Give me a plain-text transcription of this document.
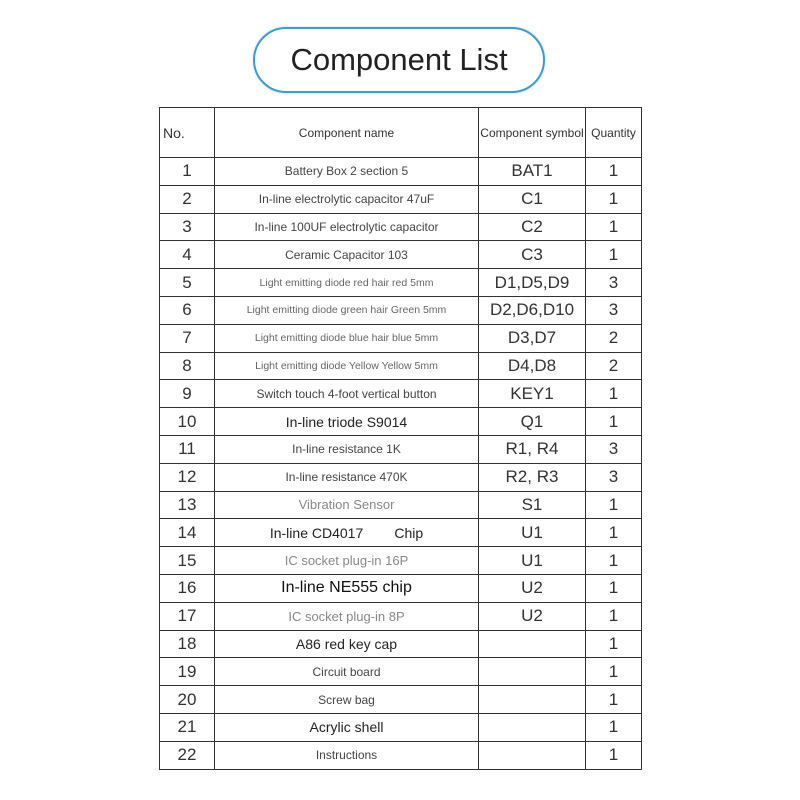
Component List
No.	Component name	Component symbol	Quantity
1	Battery Box 2 section 5	BAT1	1
2	In-line electrolytic capacitor 47uF	C1	1
3	In-line 100UF electrolytic capacitor	C2	1
4	Ceramic Capacitor 103	C3	1
5	Light emitting diode red hair red 5mm	D1,D5,D9	3
6	Light emitting diode green hair Green 5mm	D2,D6,D10	3
7	Light emitting diode blue hair blue 5mm	D3,D7	2
8	Light emitting diode Yellow Yellow 5mm	D4,D8	2
9	Switch touch 4-foot vertical button	KEY1	1
10	In-line triode S9014	Q1	1
11	In-line resistance 1K	R1, R4	3
12	In-line resistance 470K	R2, R3	3
13	Vibration Sensor	S1	1
14	In-line CD4017        Chip	U1	1
15	IC socket plug-in 16P	U1	1
16	In-line NE555 chip	U2	1
17	IC socket plug-in 8P	U2	1
18	A86 red key cap		1
19	Circuit board		1
20	Screw bag		1
21	Acrylic shell		1
22	Instructions		1
